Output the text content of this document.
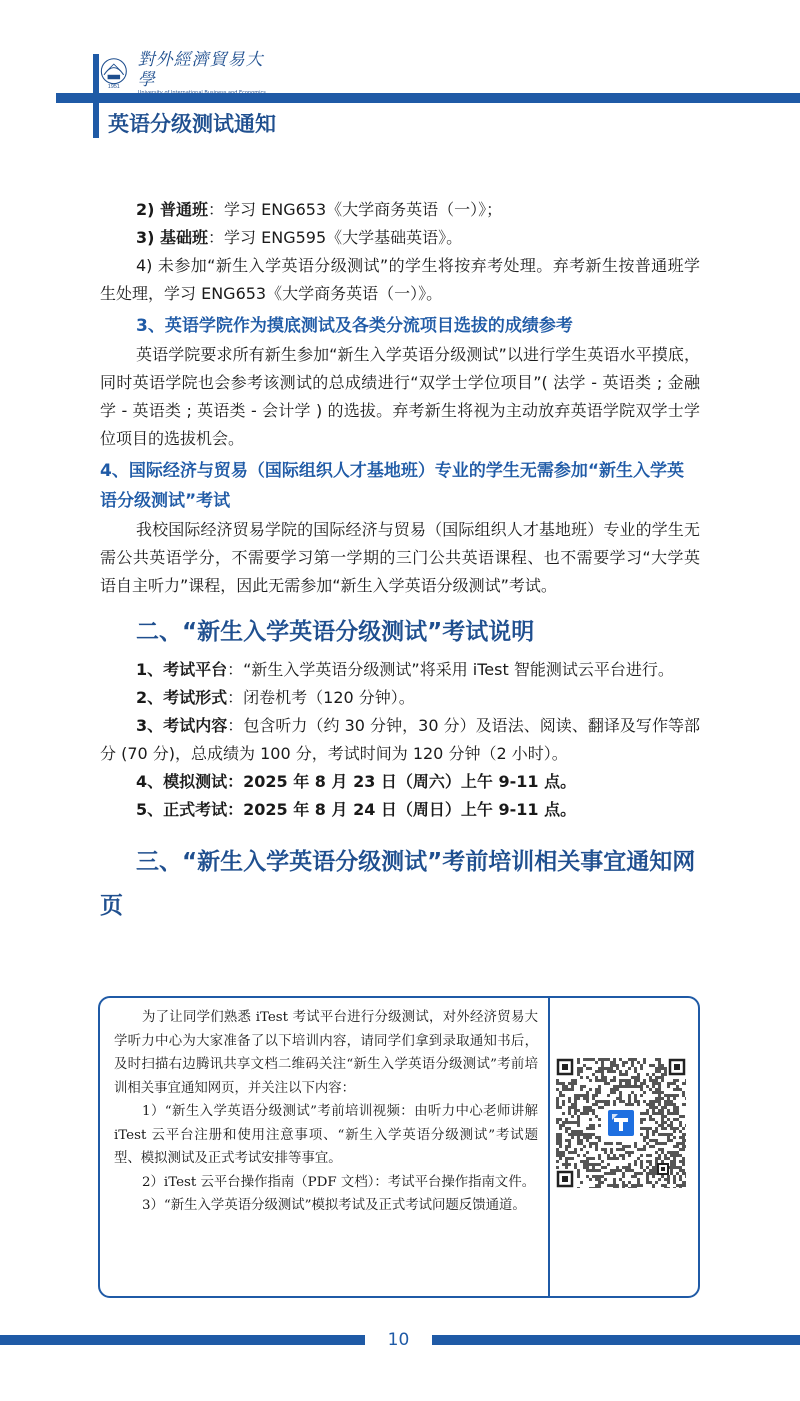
1951
對外經濟貿易大學
英语分级测试通知

2) 普通班：学习 ENG653《大学商务英语（一）》；

3) 基础班：学习 ENG595《大学基础英语》。

4) 未参加“新生入学英语分级测试”的学生将按弃考处理。弃考新生按普通班学生处理，学习 ENG653《大学商务英语（一）》。

3、英语学院作为摸底测试及各类分流项目选拔的成绩参考

英语学院要求所有新生参加“新生入学英语分级测试”以进行学生英语水平摸底，同时英语学院也会参考该测试的总成绩进行“双学士学位项目”( 法学 - 英语类 ; 金融学 - 英语类 ; 英语类 - 会计学 ) 的选拔。弃考新生将视为主动放弃英语学院双学士学位项目的选拔机会。

4、国际经济与贸易（国际组织人才基地班）专业的学生无需参加“新生入学英语分级测试”考试

我校国际经济贸易学院的国际经济与贸易（国际组织人才基地班）专业的学生无需公共英语学分，不需要学习第一学期的三门公共英语课程、也不需要学习“大学英语自主听力”课程，因此无需参加“新生入学英语分级测试”考试。

二、“新生入学英语分级测试”考试说明

1、考试平台：“新生入学英语分级测试”将采用 iTest 智能测试云平台进行。

2、考试形式：闭卷机考（120 分钟）。

3、考试内容：包含听力（约 30 分钟，30 分）及语法、阅读、翻译及写作等部分 (70 分)，总成绩为 100 分，考试时间为 120 分钟（2 小时）。

4、模拟测试：2025 年 8 月 23 日（周六）上午 9-11 点。

5、正式考试：2025 年 8 月 24 日（周日）上午 9-11 点。

三、“新生入学英语分级测试”考前培训相关事宜通知网页

为了让同学们熟悉 iTest 考试平台进行分级测试，对外经济贸易大学听力中心为大家准备了以下培训内容，请同学们拿到录取通知书后，及时扫描右边腾讯共享文档二维码关注“新生入学英语分级测试”考前培训相关事宜通知网页，并关注以下内容：

1）“新生入学英语分级测试”考前培训视频：由听力中心老师讲解 iTest 云平台注册和使用注意事项、“新生入学英语分级测试”考试题型、模拟测试及正式考试安排等事宜。

2）iTest 云平台操作指南（PDF 文档）：考试平台操作指南文件。

3）“新生入学英语分级测试”模拟考试及正式考试问题反馈通道。

10
